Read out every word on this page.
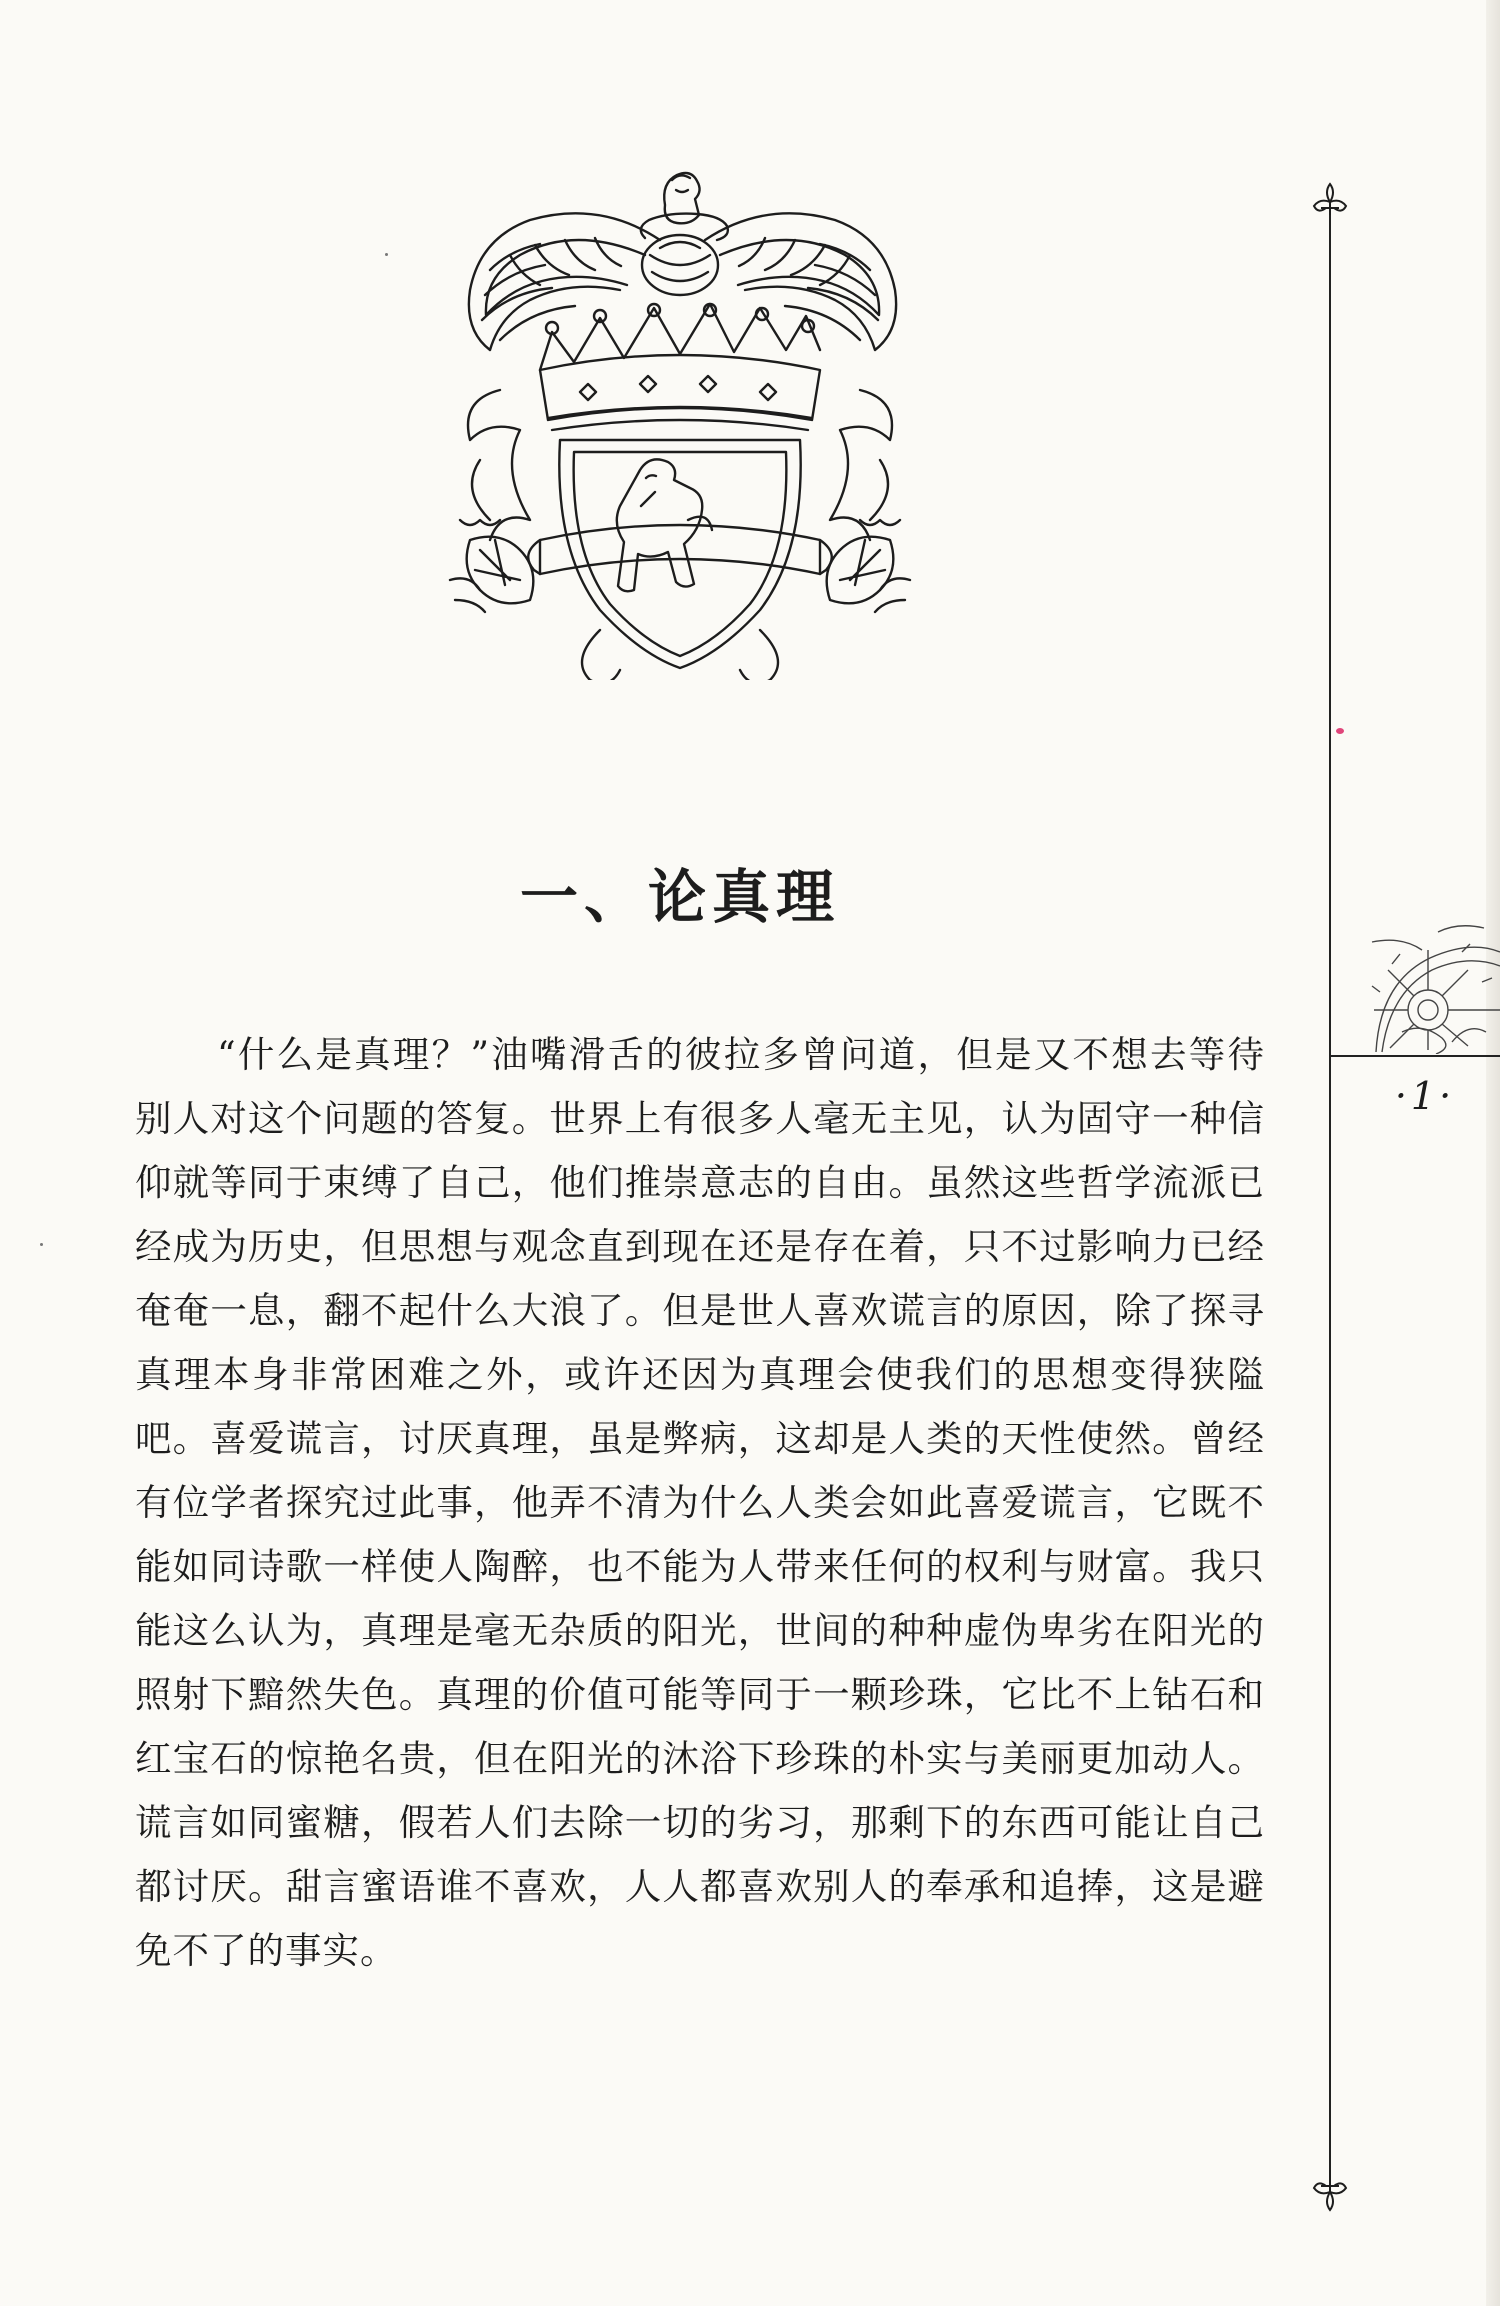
·1·
一、论真理

“什么是真理？”油嘴滑舌的彼拉多曾问道，但是又不想去等待别人对这个问题的答复。世界上有很多人毫无主见，认为固守一种信仰就等同于束缚了自己，他们推崇意志的自由。虽然这些哲学流派已经成为历史，但思想与观念直到现在还是存在着，只不过影响力已经奄奄一息，翻不起什么大浪了。但是世人喜欢谎言的原因，除了探寻真理本身非常困难之外，或许还因为真理会使我们的思想变得狭隘吧。喜爱谎言，讨厌真理，虽是弊病，这却是人类的天性使然。曾经有位学者探究过此事，他弄不清为什么人类会如此喜爱谎言，它既不能如同诗歌一样使人陶醉，也不能为人带来任何的权利与财富。我只能这么认为，真理是毫无杂质的阳光，世间的种种虚伪卑劣在阳光的照射下黯然失色。真理的价值可能等同于一颗珍珠，它比不上钻石和红宝石的惊艳名贵，但在阳光的沐浴下珍珠的朴实与美丽更加动人。谎言如同蜜糖，假若人们去除一切的劣习，那剩下的东西可能让自己都讨厌。甜言蜜语谁不喜欢，人人都喜欢别人的奉承和追捧，这是避免不了的事实。
